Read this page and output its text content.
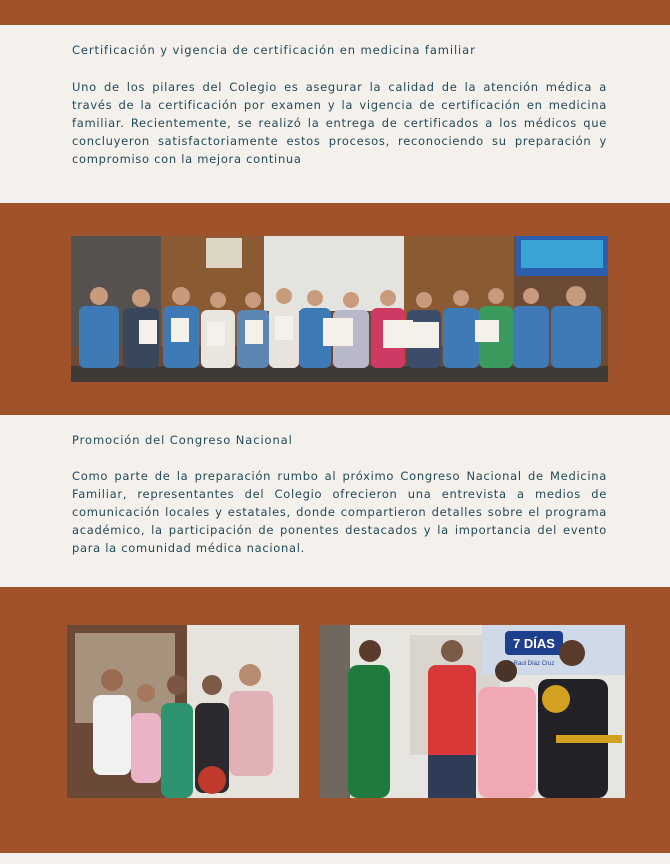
Certificación y vigencia de certificación en medicina familiar

Uno de los pilares del Colegio es asegurar la calidad de la atención médica a través de la certificación por examen y la vigencia de certificación en medicina familiar. Recientemente, se realizó la entrega de certificados a los médicos que concluyeron satisfactoriamente estos procesos, reconociendo su preparación y compromiso con la mejora continua

Promoción del Congreso Nacional

Como parte de la preparación rumbo al próximo Congreso Nacional de Medicina Familiar, representantes del Colegio ofrecieron una entrevista a medios de comunicación locales y estatales, donde compartieron detalles sobre el programa académico, la participación de ponentes destacados y la importancia del evento para la comunidad médica nacional.

7 DÍAS
Raul Díaz Cruz
